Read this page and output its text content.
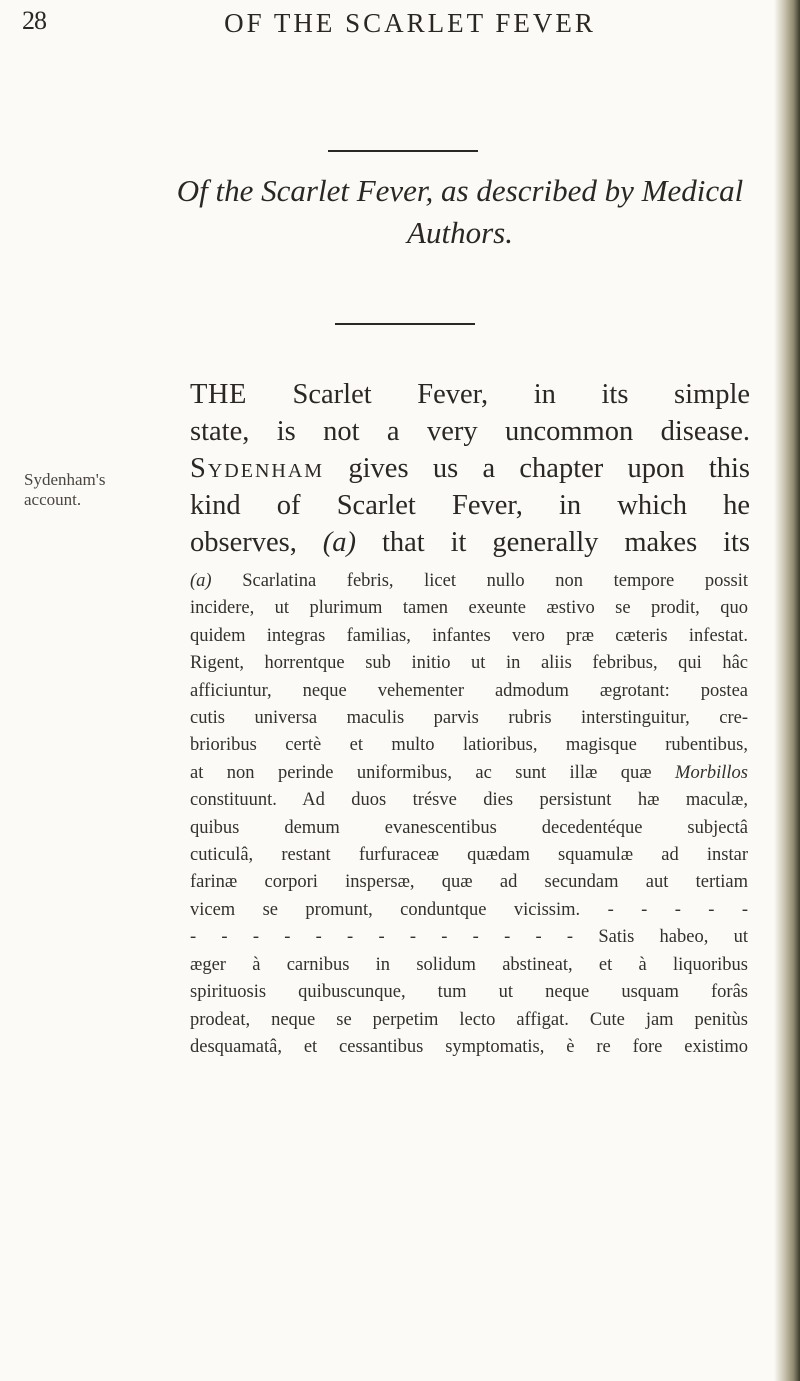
28	OF THE SCARLET FEVER
Of the Scarlet Fever, as described by Medical
Authors.
Sydenham's
account.
THE Scarlet Fever, in its simple
state, is not a very uncommon disease.
Sydenham gives us a chapter upon this
kind of Scarlet Fever, in which he
observes, (a) that it generally makes its
(a) Scarlatina febris, licet nullo non tempore possit
incidere, ut plurimum tamen exeunte æstivo se prodit, quo
quidem integras familias, infantes vero præ cæteris infestat.
Rigent, horrentque sub initio ut in aliis febribus, qui hâc
afficiuntur, neque vehementer admodum ægrotant: postea
cutis universa maculis parvis rubris interstinguitur, cre-
brioribus certè et multo latioribus, magisque rubentibus,
at non perinde uniformibus, ac sunt illæ quæ Morbillos
constituunt. Ad duos trésve dies persistunt hæ maculæ,
quibus demum evanescentibus decedentéque subjectâ
cuticulâ, restant furfuraceæ quædam squamulæ ad instar
farinæ corpori inspersæ, quæ ad secundam aut tertiam
vicem se promunt, conduntque vicissim. - - - - -
- - - - - - - - - - - - - Satis habeo, ut
æger à carnibus in solidum abstineat, et à liquoribus
spirituosis quibuscunque, tum ut neque usquam forâs
prodeat, neque se perpetim lecto affigat. Cute jam penitùs
desquamatâ, et cessantibus symptomatis, è re fore existimo
